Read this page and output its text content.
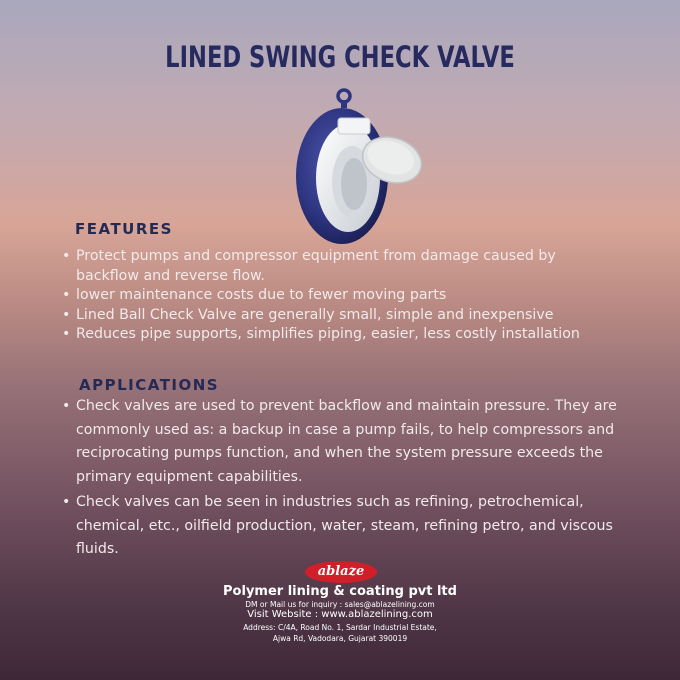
LINED SWING CHECK VALVE
FEATURES
• Protect pumps and compressor equipment from damage caused by backflow and reverse flow.
• lower maintenance costs due to fewer moving parts
• Lined Ball Check Valve are generally small, simple and inexpensive
• Reduces pipe supports, simplifies piping, easier, less costly installation
APPLICATIONS
• Check valves are used to prevent backflow and maintain pressure. They are commonly used as: a backup in case a pump fails, to help compressors and reciprocating pumps function, and when the system pressure exceeds the primary equipment capabilities.
• Check valves can be seen in industries such as refining, petrochemical, chemical, etc., oilfield production, water, steam, refining petro, and viscous fluids.
ablaze
Polymer lining & coating pvt ltd
DM or Mail us for inquiry : sales@ablazelining.com
Visit Website : www.ablazelining.com
Address: C/4A, Road No. 1, Sardar Industrial Estate,
Ajwa Rd, Vadodara, Gujarat 390019
